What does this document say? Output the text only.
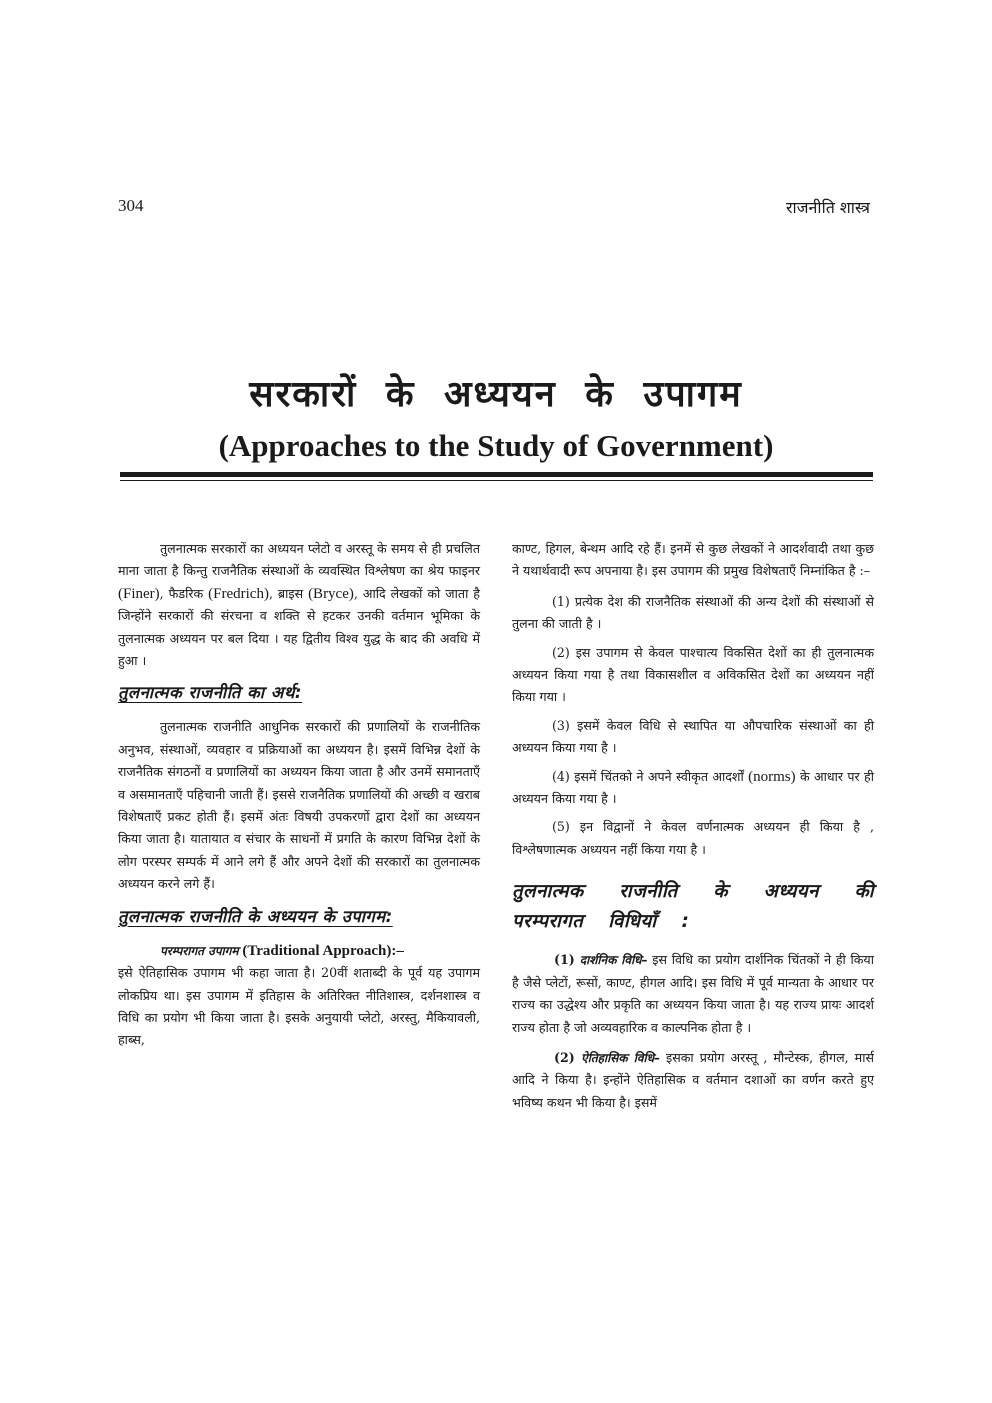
304	राजनीति शास्त्र
सरकारों के अध्ययन के उपागम
(Approaches to the Study of Government)

तुलनात्मक सरकारों का अध्ययन प्लेटो व अरस्तू के समय से ही प्रचलित माना जाता है किन्तु राजनैतिक संस्थाओं के व्यवस्थित विश्लेषण का श्रेय फाइनर (Finer), फैडरिक (Fredrich), ब्राइस (Bryce), आदि लेखकों को जाता है जिन्होंने सरकारों की संरचना व शक्ति से हटकर उनकी वर्तमान भूमिका के तुलनात्मक अध्ययन पर बल दिया । यह द्वितीय विश्व युद्ध के बाद की अवधि में हुआ ।

तुलनात्मक राजनीति का अर्थ:

तुलनात्मक राजनीति आधुनिक सरकारों की प्रणालियों के राजनीतिक अनुभव, संस्थाओं, व्यवहार व प्रक्रियाओं का अध्ययन है। इसमें विभिन्न देशों के राजनैतिक संगठनों व प्रणालियों का अध्ययन किया जाता है और उनमें समानताएँ व असमानताएँ पहिचानी जाती हैं। इससे राजनैतिक प्रणालियों की अच्छी व खराब विशेषताएँ प्रकट होती हैं। इसमें अंतः विषयी उपकरणों द्वारा देशों का अध्ययन किया जाता है। यातायात व संचार के साधनों में प्रगति के कारण विभिन्न देशों के लोग परस्पर सम्पर्क में आने लगे हैं और अपने देशों की सरकारों का तुलनात्मक अध्ययन करने लगे हैं।

तुलनात्मक राजनीति के अध्ययन के उपागम:

परम्परागत उपागम (Traditional Approach):–

इसे ऐतिहासिक उपागम भी कहा जाता है। 20वीं शताब्दी के पूर्व यह उपागम लोकप्रिय था। इस उपागम में इतिहास के अतिरिक्त नीतिशास्त्र, दर्शनशास्त्र व विधि का प्रयोग भी किया जाता है। इसके अनुयायी प्लेटो, अरस्तु, मैकियावली, हाब्स,

काण्ट, हिगल, बेन्थम आदि रहे हैं। इनमें से कुछ लेखकों ने आदर्शवादी तथा कुछ ने यथार्थवादी रूप अपनाया है। इस उपागम की प्रमुख विशेषताएँ निम्नांकित है :–

(1) प्रत्येक देश की राजनैतिक संस्थाओं की अन्य देशों की संस्थाओं से तुलना की जाती है ।

(2) इस उपागम से केवल पाश्चात्य विकसित देशों का ही तुलनात्मक अध्ययन किया गया है तथा विकासशील व अविकसित देशों का अध्ययन नहीं किया गया ।

(3) इसमें केवल विधि से स्थापित या औपचारिक संस्थाओं का ही अध्ययन किया गया है ।

(4) इसमें चिंतको ने अपने स्वीकृत आदर्शों (norms) के आधार पर ही अध्ययन किया गया है ।

(5) इन विद्वानों ने केवल वर्णनात्मक अध्ययन ही किया है , विश्लेषणात्मक अध्ययन नहीं किया गया है ।

तुलनात्मक राजनीति के अध्ययन की परम्परागत विधियाँ :

(1) दार्शनिक विधि– इस विधि का प्रयोग दार्शनिक चिंतकों ने ही किया है जैसे प्लेटों, रूसों, काण्ट, हीगल आदि। इस विधि में पूर्व मान्यता के आधार पर राज्य का उद्धेश्य और प्रकृति का अध्ययन किया जाता है। यह राज्य प्रायः आदर्श राज्य होता है जो अव्यवहारिक व काल्पनिक होता है ।

(2) ऐतिहासिक विधि– इसका प्रयोग अरस्तू , मौन्टेस्क, हीगल, मार्स आदि ने किया है। इन्होंने ऐतिहासिक व वर्तमान दशाओं का वर्णन करते हुए भविष्य कथन भी किया है। इसमें
